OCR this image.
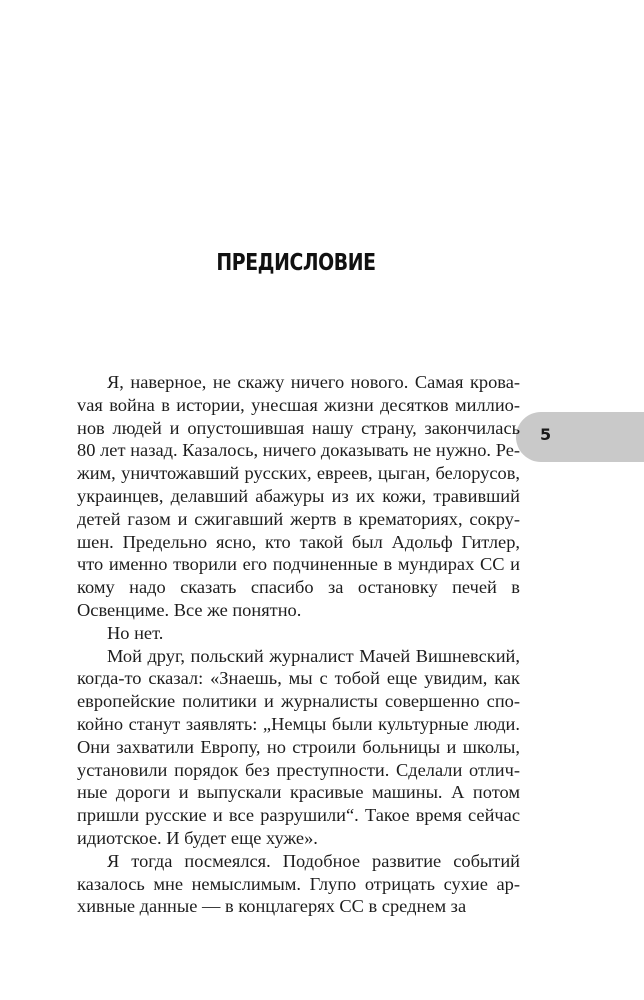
ПРЕДИСЛОВИЕ
5

Я, наверное, не скажу ничего нового. Самая кроваvая война в истории, унесшая жизни десятков миллионов людей и опустошившая нашу страну, закончилась 80 лет назад. Казалось, ничего доказывать не нужно. Режим, уничтожавший русских, евреев, цыган, белорусов, украинцев, делавший абажуры из их кожи, травивший детей газом и сжигавший жертв в крематориях, сокрушен. Предельно ясно, кто такой был Адольф Гитлер, что именно творили его подчиненные в мундирах СС и кому надо сказать спасибо за остановку печей в Освенциме. Все же понятно.

Но нет.

Мой друг, польский журналист Мачей Вишневский, когда-то сказал: «Знаешь, мы с тобой еще увидим, как европейские политики и журналисты совершенно спокойно станут заявлять: „Немцы были культурные люди. Они захватили Европу, но строили больницы и школы, установили порядок без преступности. Сделали отличные дороги и выпускали красивые машины. А потом пришли русские и все разрушили“. Такое время сейчас идиотское. И будет еще хуже».

Я тогда посмеялся. Подобное развитие событий казалось мне немыслимым. Глупо отрицать сухие архивные данные — в концлагерях СС в среднем за
